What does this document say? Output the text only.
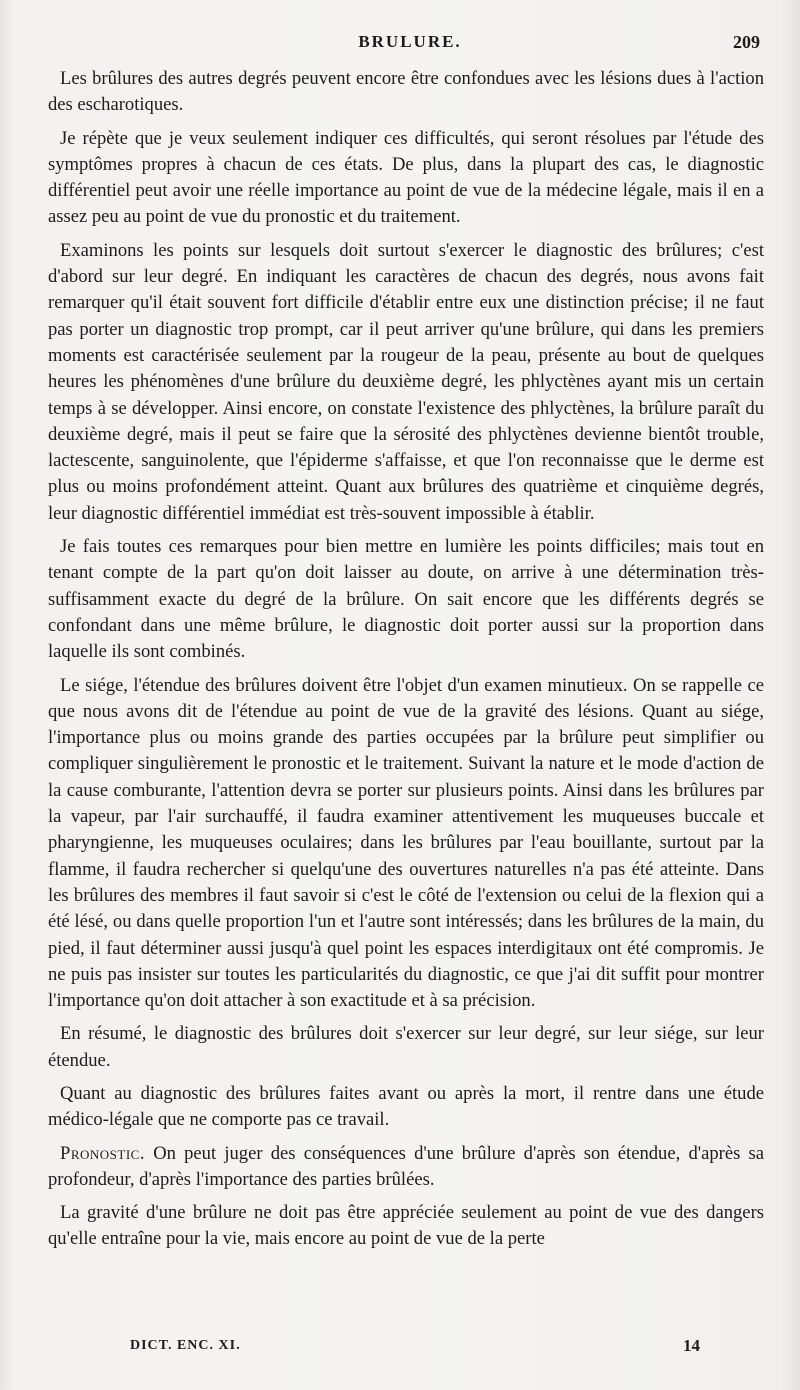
BRULURE.	209

Les brûlures des autres degrés peuvent encore être confondues avec les lésions dues à l'action des escharotiques.

Je répète que je veux seulement indiquer ces difficultés, qui seront résolues par l'étude des symptômes propres à chacun de ces états. De plus, dans la plupart des cas, le diagnostic différentiel peut avoir une réelle importance au point de vue de la médecine légale, mais il en a assez peu au point de vue du pronostic et du traitement.

Examinons les points sur lesquels doit surtout s'exercer le diagnostic des brûlures; c'est d'abord sur leur degré. En indiquant les caractères de chacun des degrés, nous avons fait remarquer qu'il était souvent fort difficile d'établir entre eux une distinction précise; il ne faut pas porter un diagnostic trop prompt, car il peut arriver qu'une brûlure, qui dans les premiers moments est caractérisée seulement par la rougeur de la peau, présente au bout de quelques heures les phénomènes d'une brûlure du deuxième degré, les phlyctènes ayant mis un certain temps à se développer. Ainsi encore, on constate l'existence des phlyctènes, la brûlure paraît du deuxième degré, mais il peut se faire que la sérosité des phlyctènes devienne bientôt trouble, lactescente, sanguinolente, que l'épiderme s'affaisse, et que l'on reconnaisse que le derme est plus ou moins profondément atteint. Quant aux brûlures des quatrième et cinquième degrés, leur diagnostic différentiel immédiat est très-souvent impossible à établir.

Je fais toutes ces remarques pour bien mettre en lumière les points difficiles; mais tout en tenant compte de la part qu'on doit laisser au doute, on arrive à une détermination très-suffisamment exacte du degré de la brûlure. On sait encore que les différents degrés se confondant dans une même brûlure, le diagnostic doit porter aussi sur la proportion dans laquelle ils sont combinés.

Le siége, l'étendue des brûlures doivent être l'objet d'un examen minutieux. On se rappelle ce que nous avons dit de l'étendue au point de vue de la gravité des lésions. Quant au siége, l'importance plus ou moins grande des parties occupées par la brûlure peut simplifier ou compliquer singulièrement le pronostic et le traitement. Suivant la nature et le mode d'action de la cause comburante, l'attention devra se porter sur plusieurs points. Ainsi dans les brûlures par la vapeur, par l'air surchauffé, il faudra examiner attentivement les muqueuses buccale et pharyngienne, les muqueuses oculaires; dans les brûlures par l'eau bouillante, surtout par la flamme, il faudra rechercher si quelqu'une des ouvertures naturelles n'a pas été atteinte. Dans les brûlures des membres il faut savoir si c'est le côté de l'extension ou celui de la flexion qui a été lésé, ou dans quelle proportion l'un et l'autre sont intéressés; dans les brûlures de la main, du pied, il faut déterminer aussi jusqu'à quel point les espaces interdigitaux ont été compromis. Je ne puis pas insister sur toutes les particularités du diagnostic, ce que j'ai dit suffit pour montrer l'importance qu'on doit attacher à son exactitude et à sa précision.

En résumé, le diagnostic des brûlures doit s'exercer sur leur degré, sur leur siége, sur leur étendue.

Quant au diagnostic des brûlures faites avant ou après la mort, il rentre dans une étude médico-légale que ne comporte pas ce travail.

Pronostic. On peut juger des conséquences d'une brûlure d'après son étendue, d'après sa profondeur, d'après l'importance des parties brûlées.

La gravité d'une brûlure ne doit pas être appréciée seulement au point de vue des dangers qu'elle entraîne pour la vie, mais encore au point de vue de la perte

DICT. ENC. XI.	14
